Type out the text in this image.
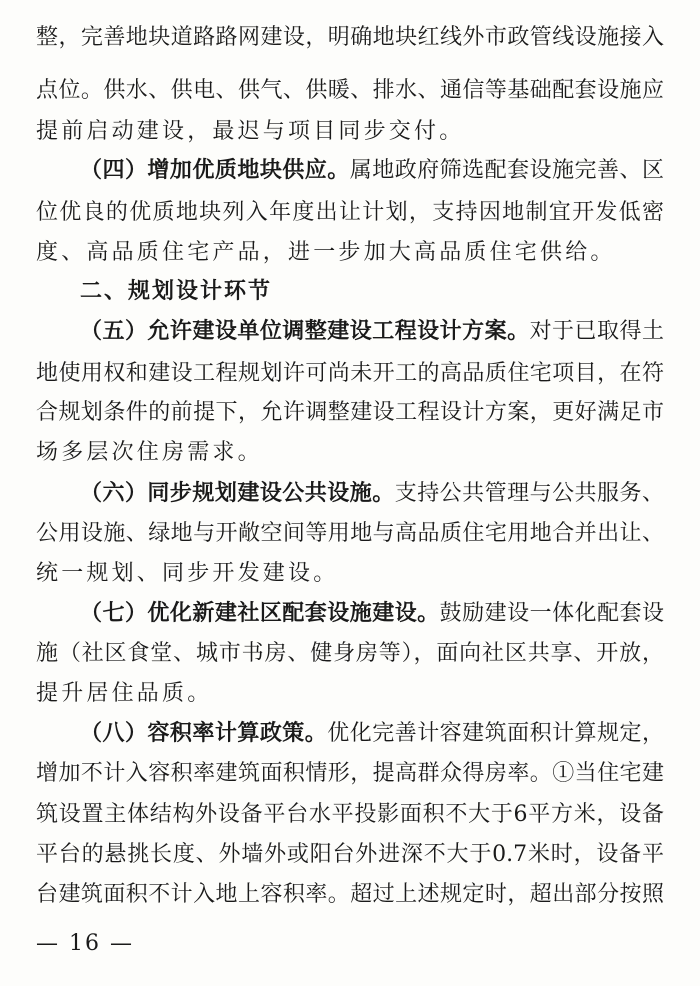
整，完善地块道路路网建设，明确地块红线外市政管线设施接入
点位。供水、供电、供气、供暖、排水、通信等基础配套设施应
提前启动建设，最迟与项目同步交付。
（四）增加优质地块供应。属地政府筛选配套设施完善、区
位优良的优质地块列入年度出让计划，支持因地制宜开发低密
度、高品质住宅产品，进一步加大高品质住宅供给。
二、规划设计环节
（五）允许建设单位调整建设工程设计方案。对于已取得土
地使用权和建设工程规划许可尚未开工的高品质住宅项目，在符
合规划条件的前提下，允许调整建设工程设计方案，更好满足市
场多层次住房需求。
（六）同步规划建设公共设施。支持公共管理与公共服务、
公用设施、绿地与开敞空间等用地与高品质住宅用地合并出让、
统一规划、同步开发建设。
（七）优化新建社区配套设施建设。鼓励建设一体化配套设
施（社区食堂、城市书房、健身房等），面向社区共享、开放，
提升居住品质。
（八）容积率计算政策。优化完善计容建筑面积计算规定，
增加不计入容积率建筑面积情形，提高群众得房率。①当住宅建
筑设置主体结构外设备平台水平投影面积不大于6平方米，设备
平台的悬挑长度、外墙外或阳台外进深不大于0.7米时，设备平
台建筑面积不计入地上容积率。超过上述规定时，超出部分按照
— 16 —
